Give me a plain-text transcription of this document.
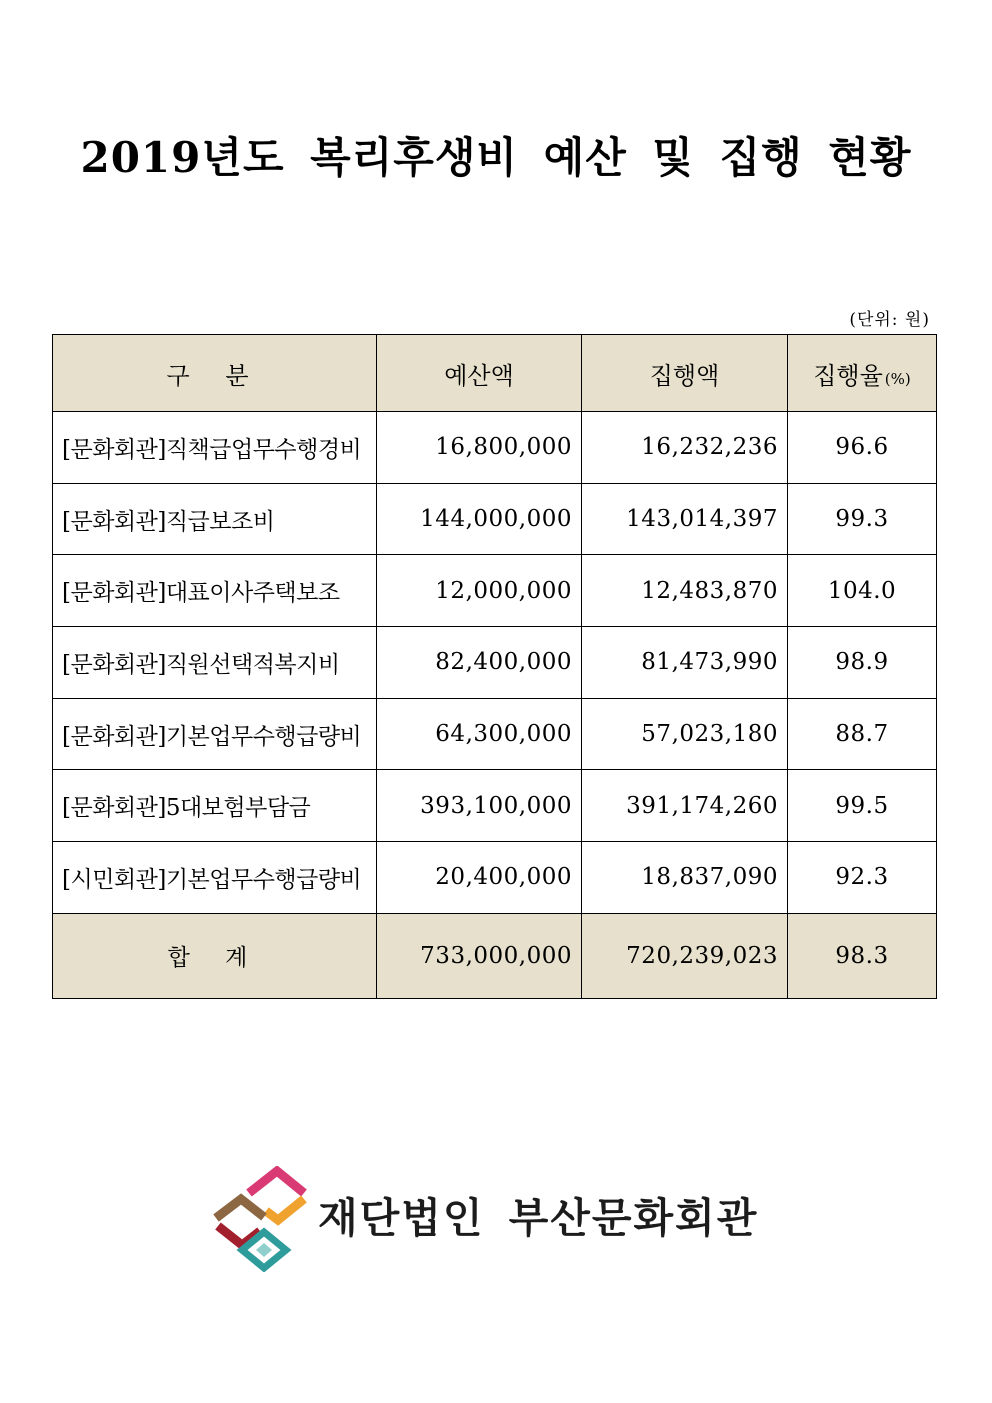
2019년도 복리후생비 예산 및 집행 현황
(단위: 원)
구 분	예산액	집행액	집행율 (%)
[문화회관]직책급업무수행경비	16,800,000	16,232,236	96.6
[문화회관]직급보조비	144,000,000	143,014,397	99.3
[문화회관]대표이사주택보조	12,000,000	12,483,870	104.0
[문화회관]직원선택적복지비	82,400,000	81,473,990	98.9
[문화회관]기본업무수행급량비	64,300,000	57,023,180	88.7
[문화회관]5대보험부담금	393,100,000	391,174,260	99.5
[시민회관]기본업무수행급량비	20,400,000	18,837,090	92.3
합 계	733,000,000	720,239,023	98.3
재단법인 부산문화회관
